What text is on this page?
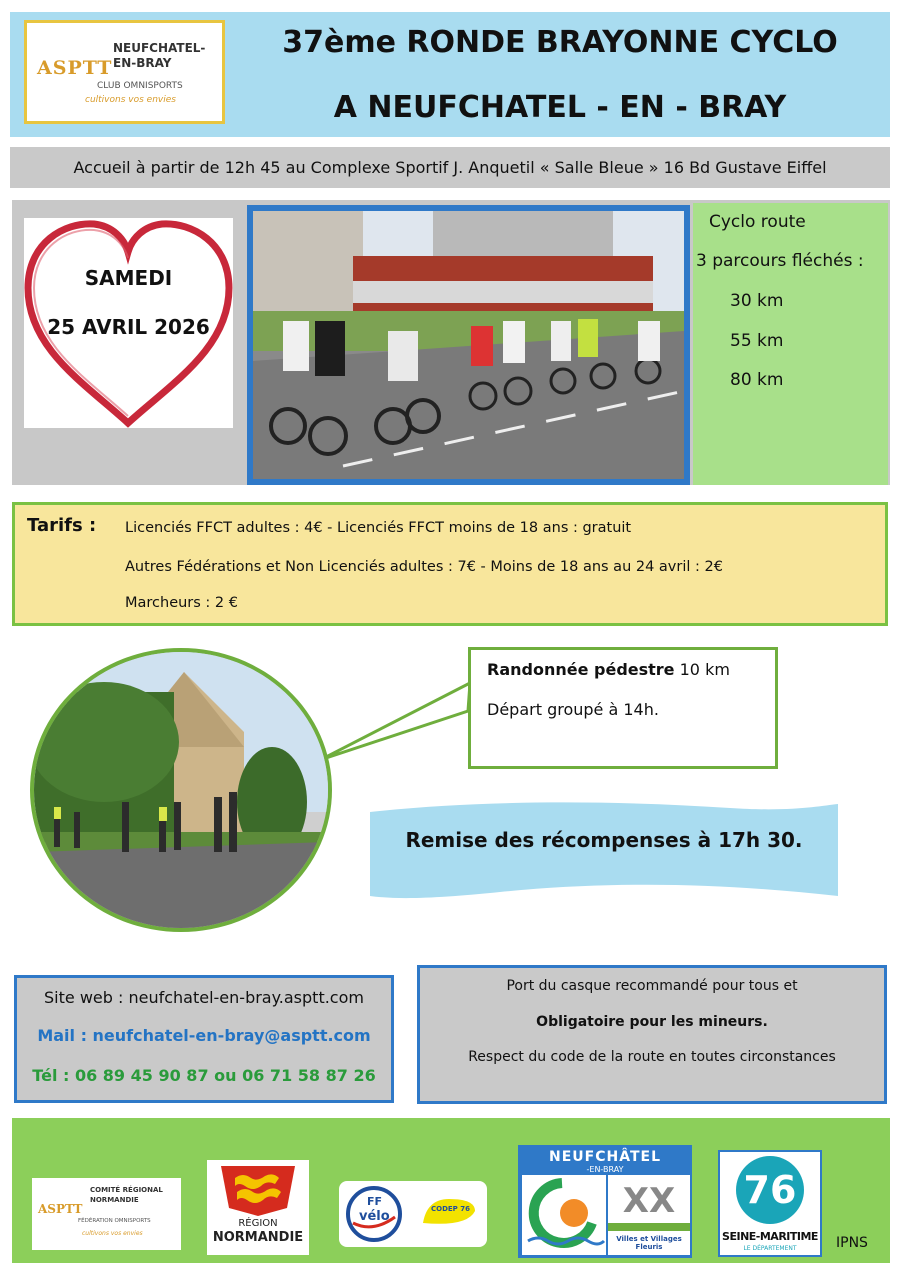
ASPTT
NEUFCHATEL-
EN-BRAY
CLUB OMNISPORTS
cultivons vos envies
37ème RONDE BRAYONNE CYCLO
A NEUFCHATEL - EN - BRAY
Accueil à partir de 12h 45 au Complexe Sportif J. Anquetil « Salle Bleue » 16 Bd Gustave Eiffel
SAMEDI
25 AVRIL 2026
Cyclo route
3 parcours fléchés :
30 km
55 km
80 km
Tarifs : Licenciés FFCT adultes : 4€ - Licenciés FFCT moins de 18 ans : gratuit
Autres Fédérations et Non Licenciés adultes : 7€ - Moins de 18 ans au 24 avril : 2€
Marcheurs : 2 €
Randonnée pédestre 10 km
Départ groupé à 14h.
Remise des récompenses à 17h 30.
Site web : neufchatel-en-bray.asptt.com
Mail : neufchatel-en-bray@asptt.com
Tél : 06 89 45 90 87 ou 06 71 58 87 26
Port du casque recommandé pour tous et
Obligatoire pour les mineurs.
Respect du code de la route en toutes circonstances
ASPTT
COMITÉ RÉGIONAL
NORMANDIE
FÉDÉRATION OMNISPORTS
cultivons vos envies
RÉGION
NORMANDIE
FF
vélo	CODEP 76
NEUFCHÂTEL
-EN-BRAY
XX
Villes et Villages Fleuris
76
SEINE-MARITIME
LE DÉPARTEMENT	IPNS
